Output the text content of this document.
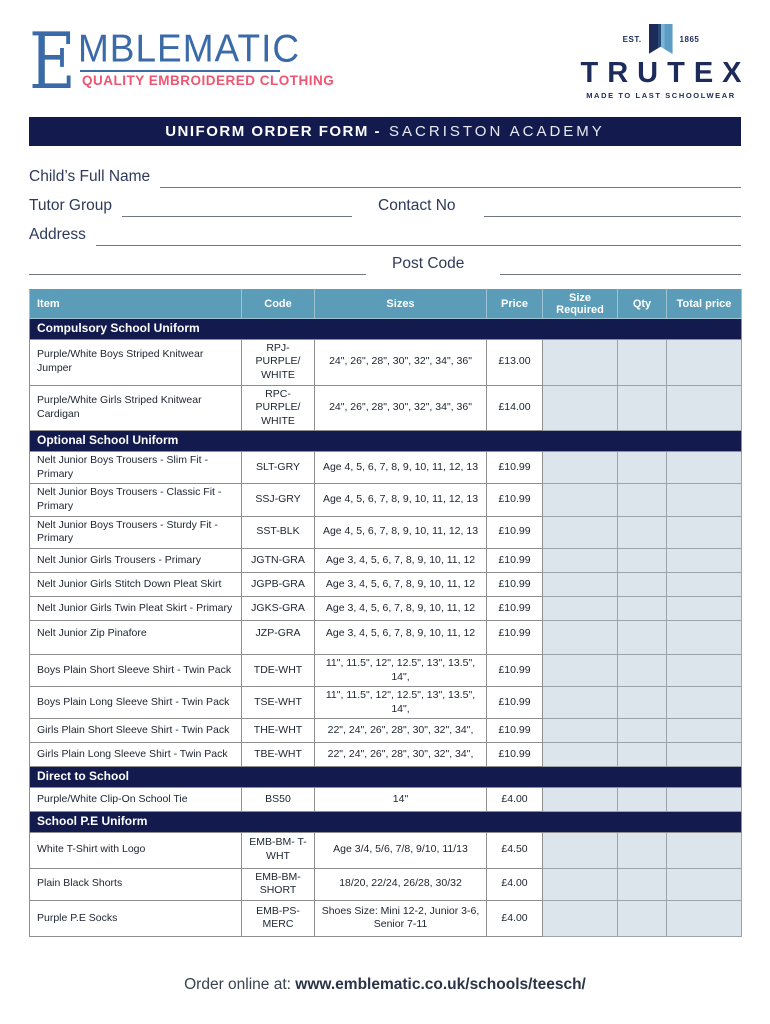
E MBLEMATIC
QUALITY EMBROIDERED CLOTHING
EST.	1865
TRUTEX
MADE TO LAST SCHOOLWEAR
UNIFORM ORDER FORM - SACRISTON ACADEMY
Child’s Full Name
Tutor Group	Contact No
Address
Post Code
Item	Code	Sizes	Price	Size Required	Qty	Total price
Compulsory School Uniform						
Purple/White Boys Striped Knitwear Jumper	RPJ- PURPLE/ WHITE	24", 26", 28", 30", 32", 34", 36"	£13.00			
Purple/White Girls Striped Knitwear Cardigan	RPC-PURPLE/ WHITE	24", 26", 28", 30", 32", 34", 36"	£14.00			
Optional School Uniform						
Nelt Junior Boys Trousers - Slim Fit - Primary	SLT-GRY	Age 4, 5, 6, 7, 8, 9, 10, 11, 12, 13	£10.99			
Nelt Junior Boys Trousers - Classic Fit - Primary	SSJ-GRY	Age 4, 5, 6, 7, 8, 9, 10, 11, 12, 13	£10.99			
Nelt Junior Boys Trousers - Sturdy Fit - Primary	SST-BLK	Age 4, 5, 6, 7, 8, 9, 10, 11, 12, 13	£10.99			
Nelt Junior Girls Trousers - Primary	JGTN-GRA	Age 3, 4, 5, 6, 7, 8, 9, 10, 11, 12	£10.99			
Nelt Junior Girls Stitch Down Pleat Skirt	JGPB-GRA	Age 3, 4, 5, 6, 7, 8, 9, 10, 11, 12	£10.99			
Nelt Junior Girls Twin Pleat Skirt - Primary	JGKS-GRA	Age 3, 4, 5, 6, 7, 8, 9, 10, 11, 12	£10.99			
Nelt Junior Zip Pinafore	JZP-GRA	Age 3, 4, 5, 6, 7, 8, 9, 10, 11, 12	£10.99			
Boys Plain Short Sleeve Shirt - Twin Pack	TDE-WHT	11", 11.5", 12", 12.5", 13", 13.5", 14",	£10.99			
Boys Plain Long Sleeve Shirt - Twin Pack	TSE-WHT	11", 11.5", 12", 12.5", 13", 13.5", 14",	£10.99			
Girls Plain Short Sleeve Shirt - Twin Pack	THE-WHT	22", 24", 26", 28", 30", 32", 34",	£10.99			
Girls Plain Long Sleeve Shirt - Twin Pack	TBE-WHT	22", 24", 26", 28", 30", 32", 34",	£10.99			
Direct to School						
Purple/White Clip-On School Tie	BS50	14"	£4.00			
School P.E Uniform						
White T-Shirt with Logo	EMB-BM- T-WHT	Age 3/4, 5/6, 7/8, 9/10, 11/13	£4.50			
Plain Black Shorts	EMB-BM- SHORT	18/20, 22/24, 26/28, 30/32	£4.00			
Purple P.E Socks	EMB-PS- MERC	Shoes Size: Mini 12-2, Junior 3-6, Senior 7-11	£4.00			
Order online at: www.emblematic.co.uk/schools/teesch/
